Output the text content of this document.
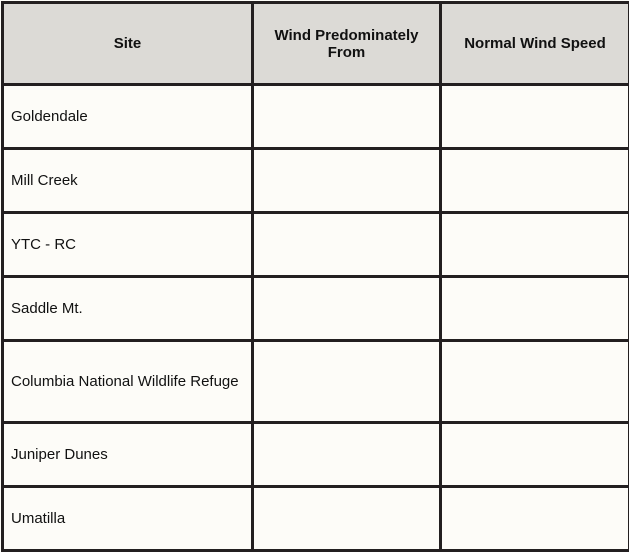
Site	Wind Predominately From	Normal Wind Speed
Goldendale		
Mill Creek		
YTC - RC		
Saddle Mt.		
Columbia National Wildlife Refuge		
Juniper Dunes		
Umatilla		
